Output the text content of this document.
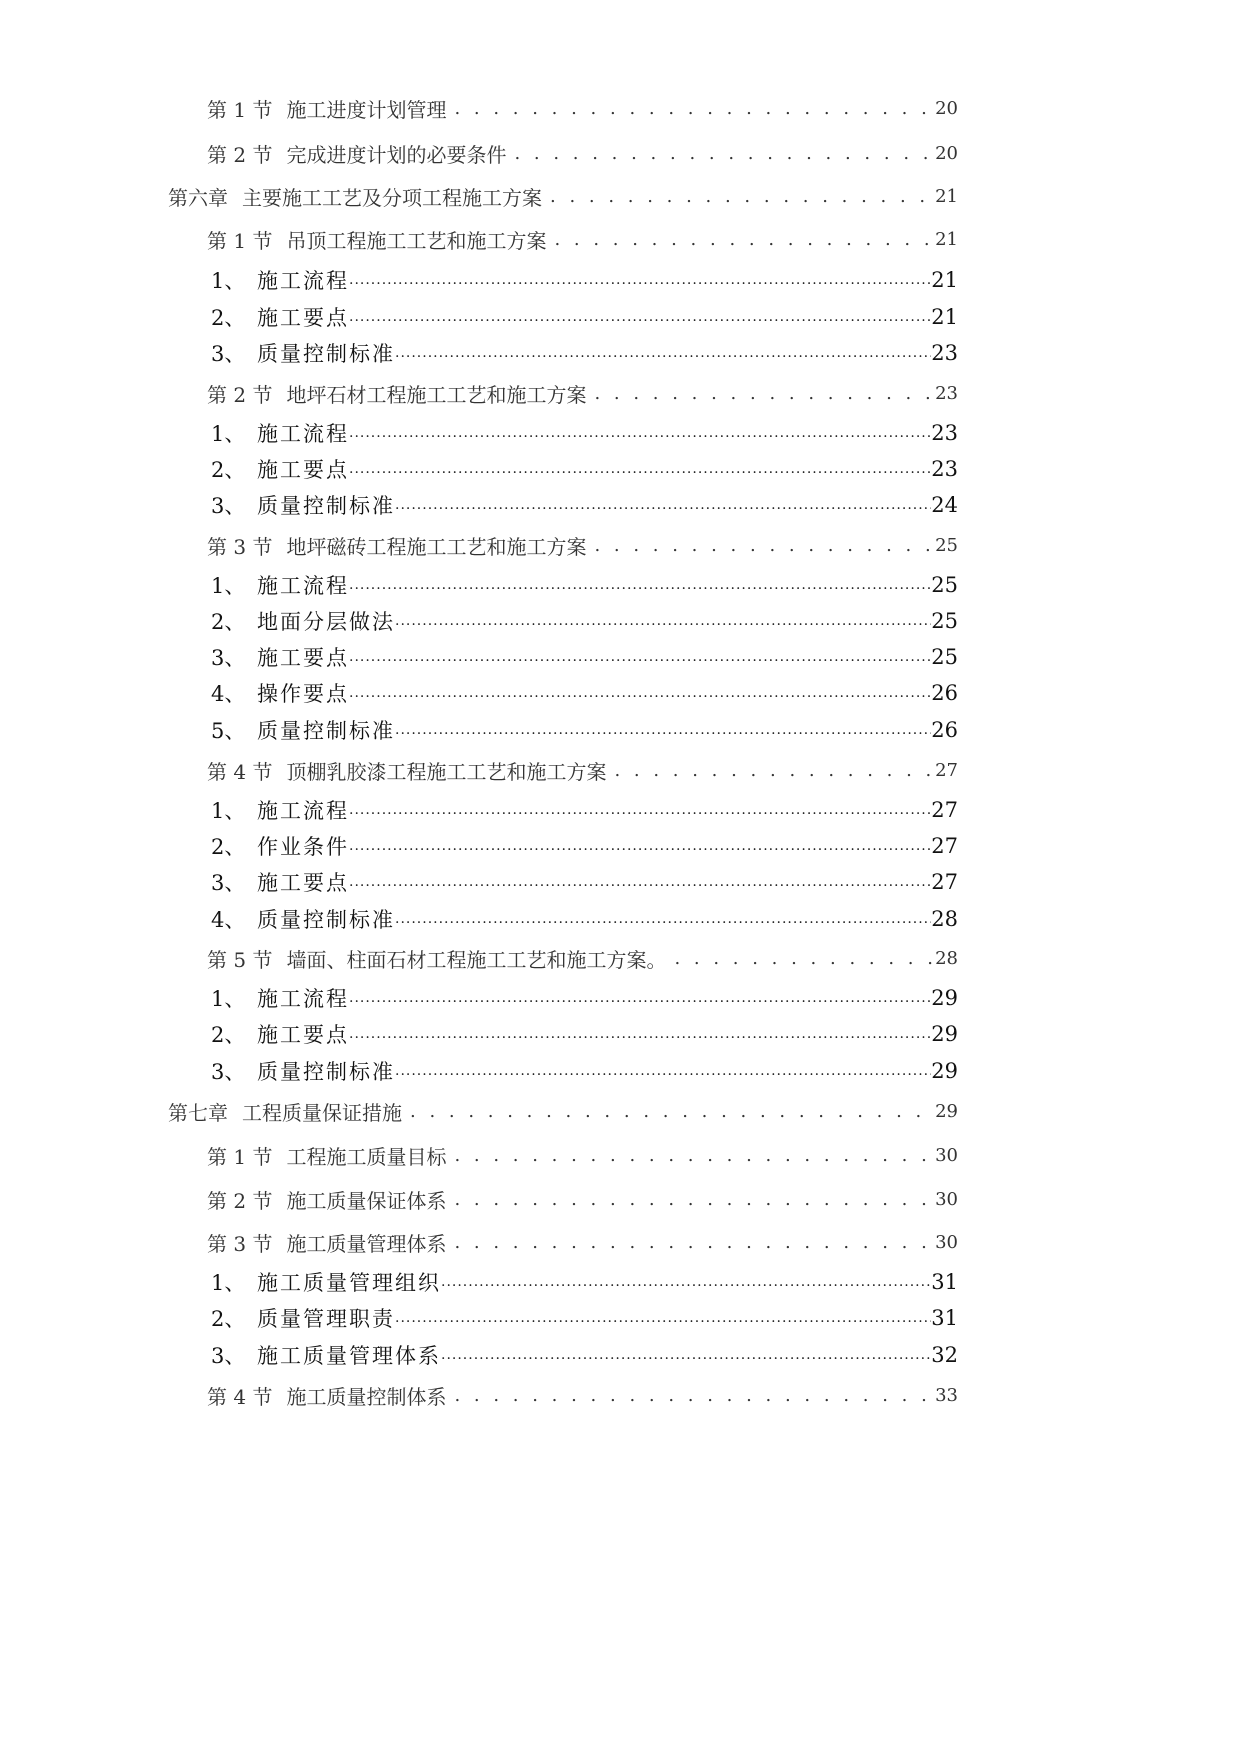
第 1 节 施工进度计划管理 . . .	20
第 2 节 完成进度计划的必要条件 . . .	20
第六章 主要施工工艺及分项工程施工方案 . . .	21
第 1 节 吊顶工程施工工艺和施工方案 . . .	21
1、 施工流程 .....	21
2、 施工要点 .....	21
3、 质量控制标准 .....	23
第 2 节 地坪石材工程施工工艺和施工方案 . . .	23
1、 施工流程 .....	23
2、 施工要点 .....	23
3、 质量控制标准 .....	24
第 3 节 地坪磁砖工程施工工艺和施工方案 . . .	25
1、 施工流程 .....	25
2、 地面分层做法 .....	25
3、 施工要点 .....	25
4、 操作要点 .....	26
5、 质量控制标准 .....	26
第 4 节 顶棚乳胶漆工程施工工艺和施工方案 . . .	27
1、 施工流程 .....	27
2、 作业条件 .....	27
3、 施工要点 .....	27
4、 质量控制标准 .....	28
第 5 节 墙面、柱面石材工程施工工艺和施工方案。 . . .	28
1、 施工流程 .....	29
2、 施工要点 .....	29
3、 质量控制标准 .....	29
第七章 工程质量保证措施 . . .	29
第 1 节 工程施工质量目标 . . .	30
第 2 节 施工质量保证体系 . . .	30
第 3 节 施工质量管理体系 . . .	30
1、 施工质量管理组织 .....	31
2、 质量管理职责 .....	31
3、 施工质量管理体系 .....	32
第 4 节 施工质量控制体系 . . .	33
